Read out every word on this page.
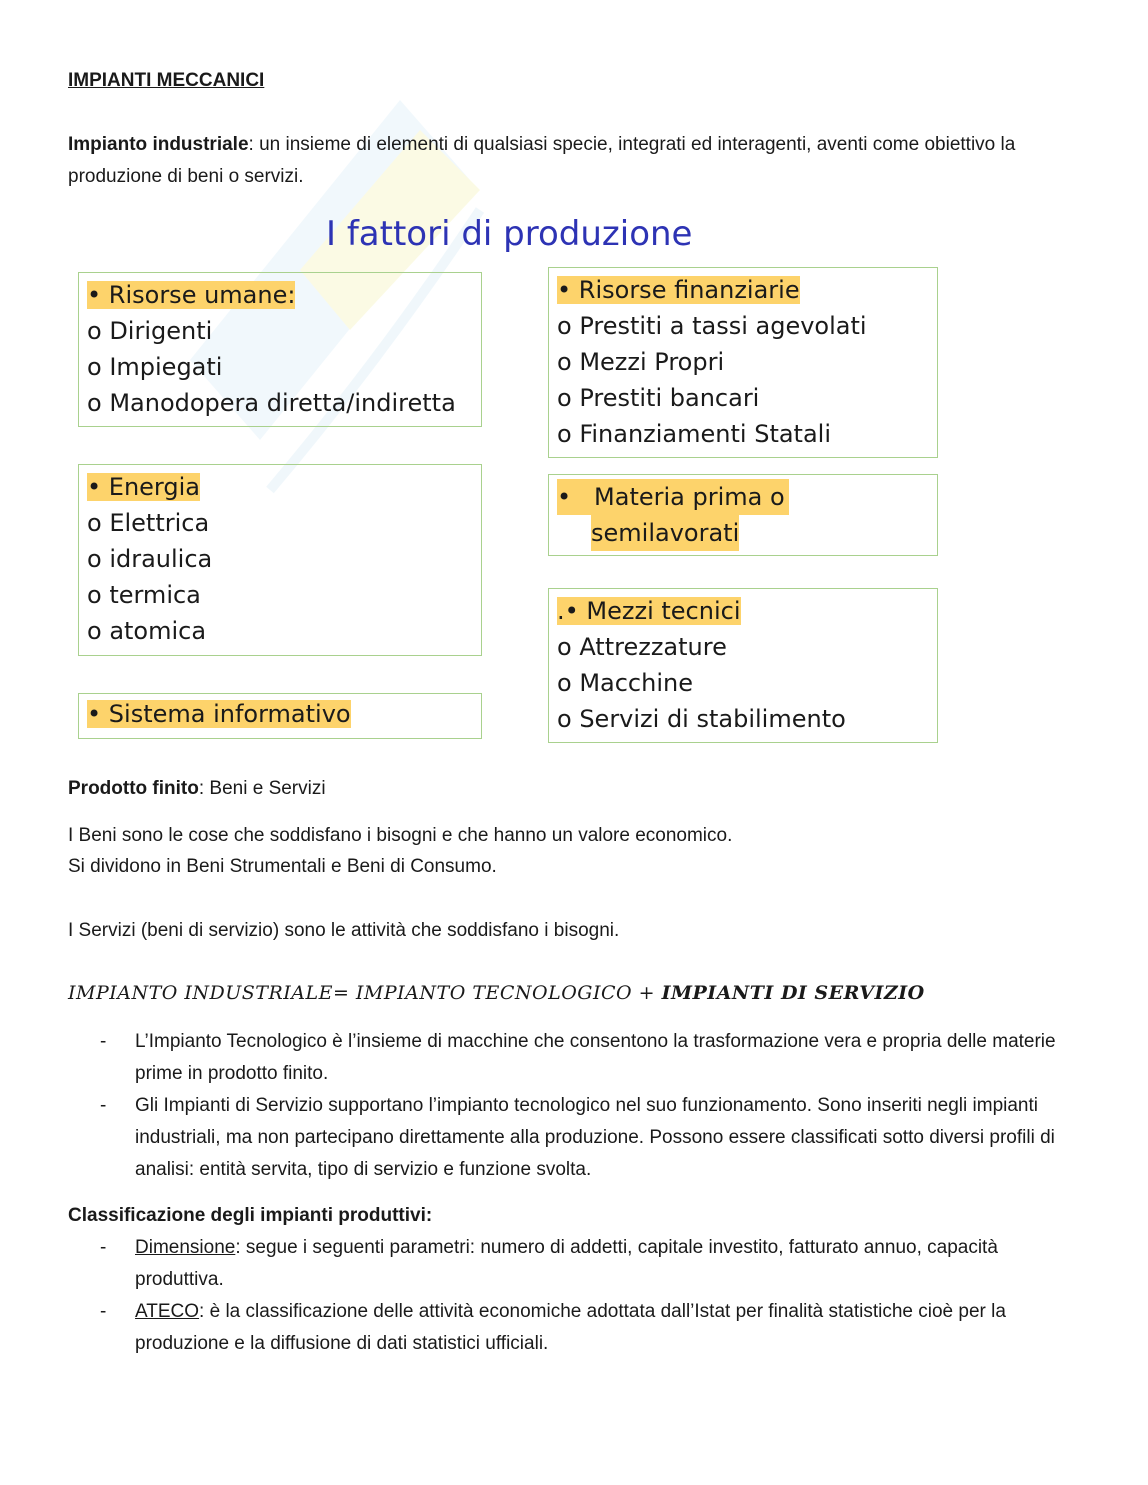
IMPIANTI MECCANICI
Impianto industriale: un insieme di elementi di qualsiasi specie, integrati ed interagenti, aventi come obiettivo la produzione di beni o servizi.
I fattori di produzione
• Risorse umane:
o Dirigenti
o Impiegati
o Manodopera diretta/indiretta
• Risorse finanziarie
o Prestiti a tassi agevolati
o Mezzi Propri
o Prestiti bancari
o Finanziamenti Statali
• Energia
o Elettrica
o idraulica
o termica
o atomica
• Materia prima o
semilavorati
.• Mezzi tecnici
o Attrezzature
o Macchine
o Servizi di stabilimento
• Sistema informativo
Prodotto finito: Beni e Servizi
I Beni sono le cose che soddisfano i bisogni e che hanno un valore economico.
Si dividono in Beni Strumentali e Beni di Consumo.
I Servizi (beni di servizio) sono le attività che soddisfano i bisogni.
IMPIANTO INDUSTRIALE= IMPIANTO TECNOLOGICO + IMPIANTI DI SERVIZIO
-	L’Impianto Tecnologico è l’insieme di macchine che consentono la trasformazione vera e propria delle materie prime in prodotto finito.
-	Gli Impianti di Servizio supportano l’impianto tecnologico nel suo funzionamento. Sono inseriti negli impianti industriali, ma non partecipano direttamente alla produzione. Possono essere classificati sotto diversi profili di analisi: entità servita, tipo di servizio e funzione svolta.
Classificazione degli impianti produttivi:
-	Dimensione: segue i seguenti parametri: numero di addetti, capitale investito, fatturato annuo, capacità produttiva.
-	ATECO: è la classificazione delle attività economiche adottata dall’Istat per finalità statistiche cioè per la produzione e la diffusione di dati statistici ufficiali.
